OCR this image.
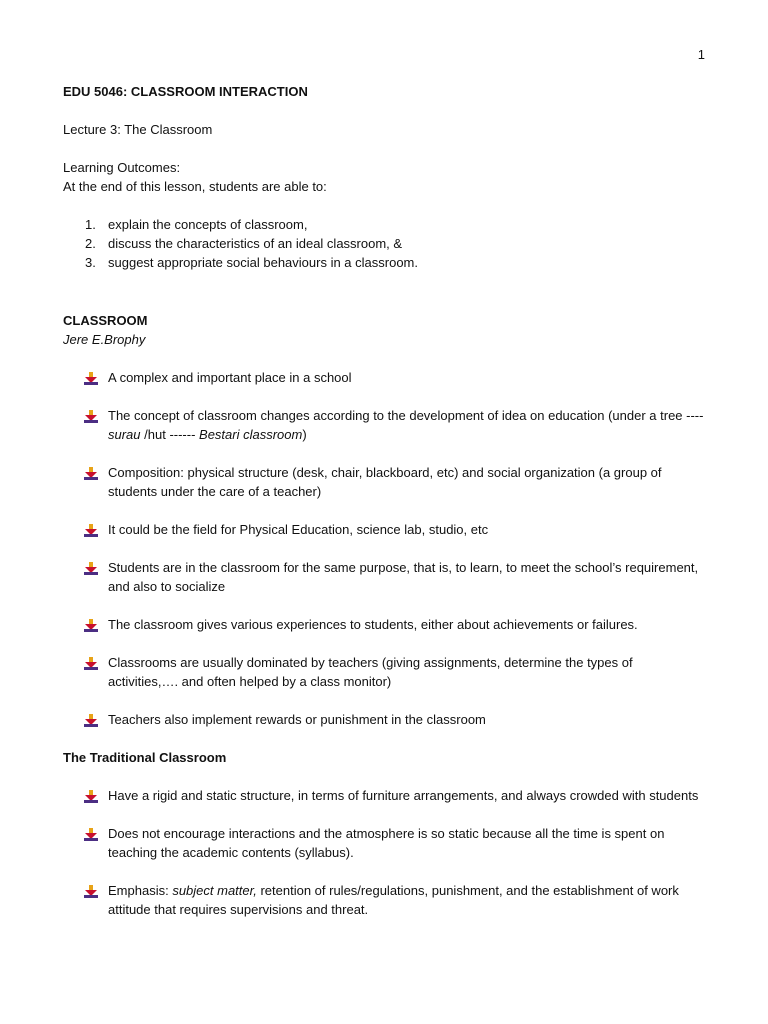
1
EDU 5046: CLASSROOM INTERACTION
Lecture 3: The Classroom
Learning Outcomes:
At the end of this lesson, students are able to:
1. explain the concepts of classroom,
2. discuss the characteristics of an ideal classroom, &
3. suggest appropriate social behaviours in a classroom.
CLASSROOM
Jere E.Brophy
A complex and important place in a school
The concept of classroom changes according to the development of idea on education (under a tree ---- surau /hut ------ Bestari classroom)
Composition: physical structure (desk, chair, blackboard, etc) and social organization (a group of students under the care of a teacher)
It could be the field for Physical Education, science lab, studio, etc
Students are in the classroom for the same purpose, that is, to learn, to meet the school’s requirement, and also to socialize
The classroom gives various experiences to students, either about achievements or failures.
Classrooms are usually dominated by teachers (giving assignments, determine the types of activities,…. and often helped by a class monitor)
Teachers also implement rewards or punishment in the classroom
The Traditional Classroom
Have a rigid and static structure, in terms of furniture arrangements, and always crowded with students
Does not encourage interactions and the atmosphere is so static because all the time is spent on teaching the academic contents (syllabus).
Emphasis: subject matter, retention of rules/regulations, punishment, and the establishment of work attitude that requires supervisions and threat.
